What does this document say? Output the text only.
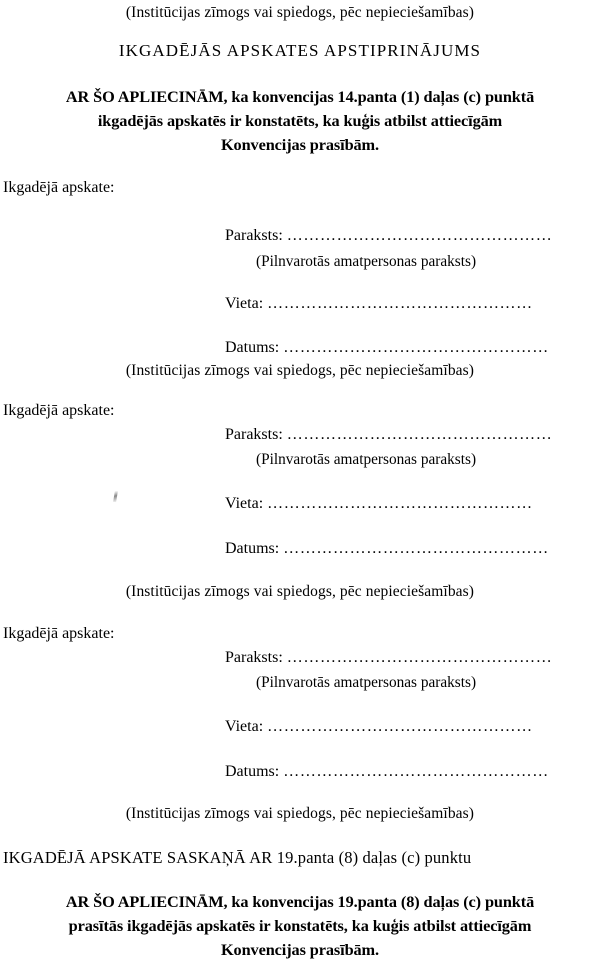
(Institūcijas zīmogs vai spiedogs, pēc nepieciešamības)
IKGADĒJĀS APSKATES APSTIPRINĀJUMS
AR ŠO APLIECINĀM, ka konvencijas 14.panta (1) daļas (c) punktā
ikgadējās apskatēs ir konstatēts, ka kuģis atbilst attiecīgām
Konvencijas prasībām.
Ikgadējā apskate:
Paraksts: …………………………………………
(Pilnvarotās amatpersonas paraksts)
Vieta: …………………………………………
Datums: …………………………………………
(Institūcijas zīmogs vai spiedogs, pēc nepieciešamības)
Ikgadējā apskate:
Paraksts: …………………………………………
(Pilnvarotās amatpersonas paraksts)
Vieta: …………………………………………
Datums: …………………………………………
(Institūcijas zīmogs vai spiedogs, pēc nepieciešamības)
Ikgadējā apskate:
Paraksts: …………………………………………
(Pilnvarotās amatpersonas paraksts)
Vieta: …………………………………………
Datums: …………………………………………
(Institūcijas zīmogs vai spiedogs, pēc nepieciešamības)
IKGADĒJĀ APSKATE SASKAŅĀ AR 19.panta (8) daļas (c) punktu
AR ŠO APLIECINĀM, ka konvencijas 19.panta (8) daļas (c) punktā
prasītās ikgadējās apskatēs ir konstatēts, ka kuģis atbilst attiecīgām
Konvencijas prasībām.
